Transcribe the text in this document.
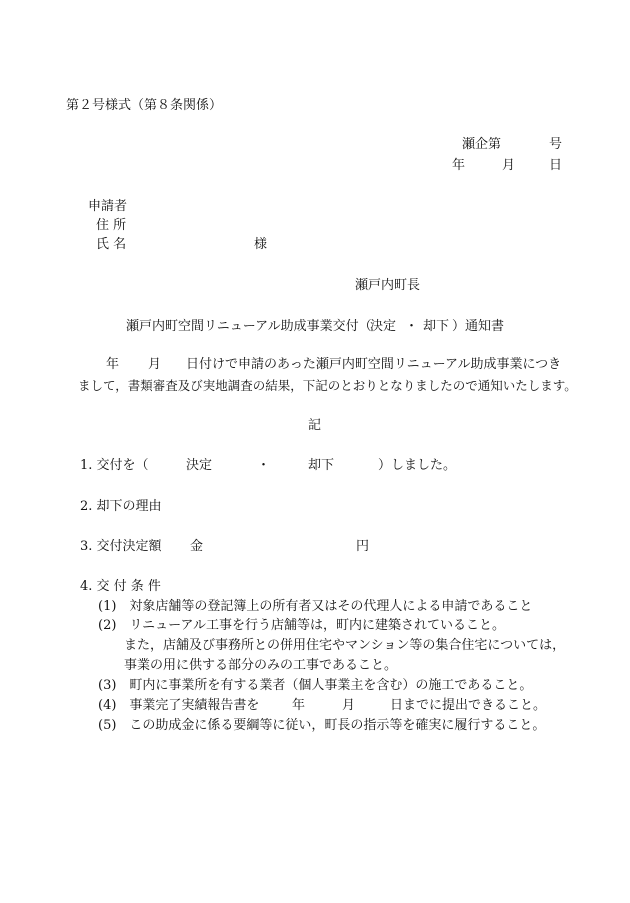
第２号様式（第８条関係）
瀬企第	号
年	月	日
申請者
住 所
氏 名	様
瀬戸内町長
瀬戸内町空間リニューアル助成事業交付（
決定 ・ 却下 ）通知書
年 月 日付けで申請のあった瀬戸内町空間リニューアル助成事業につき
まして，書類審査及び実地調査の結果，下記のとおりとなりましたので通知いたします。
記
1. 交付を（	決定	・	却下	）しました。
2. 却下の理由
3. 交付決定額 金	円
4. 交 付 条 件
(1)　対象店舗等の登記簿上の所有者又はその代理人による申請であること
(2)　リニューアル工事を行う店舗等は，町内に建築されていること。
また，店舗及び事務所との併用住宅やマンション等の集合住宅については，
事業の用に供する部分のみの工事であること。
(3)　町内に事業所を有する業者（個人事業主を含む）の施工であること。
(4)　事業完了実績報告書を	年	月	日までに提出できること。
(5)　この助成金に係る要綱等に従い，町長の指示等を確実に履行すること。
